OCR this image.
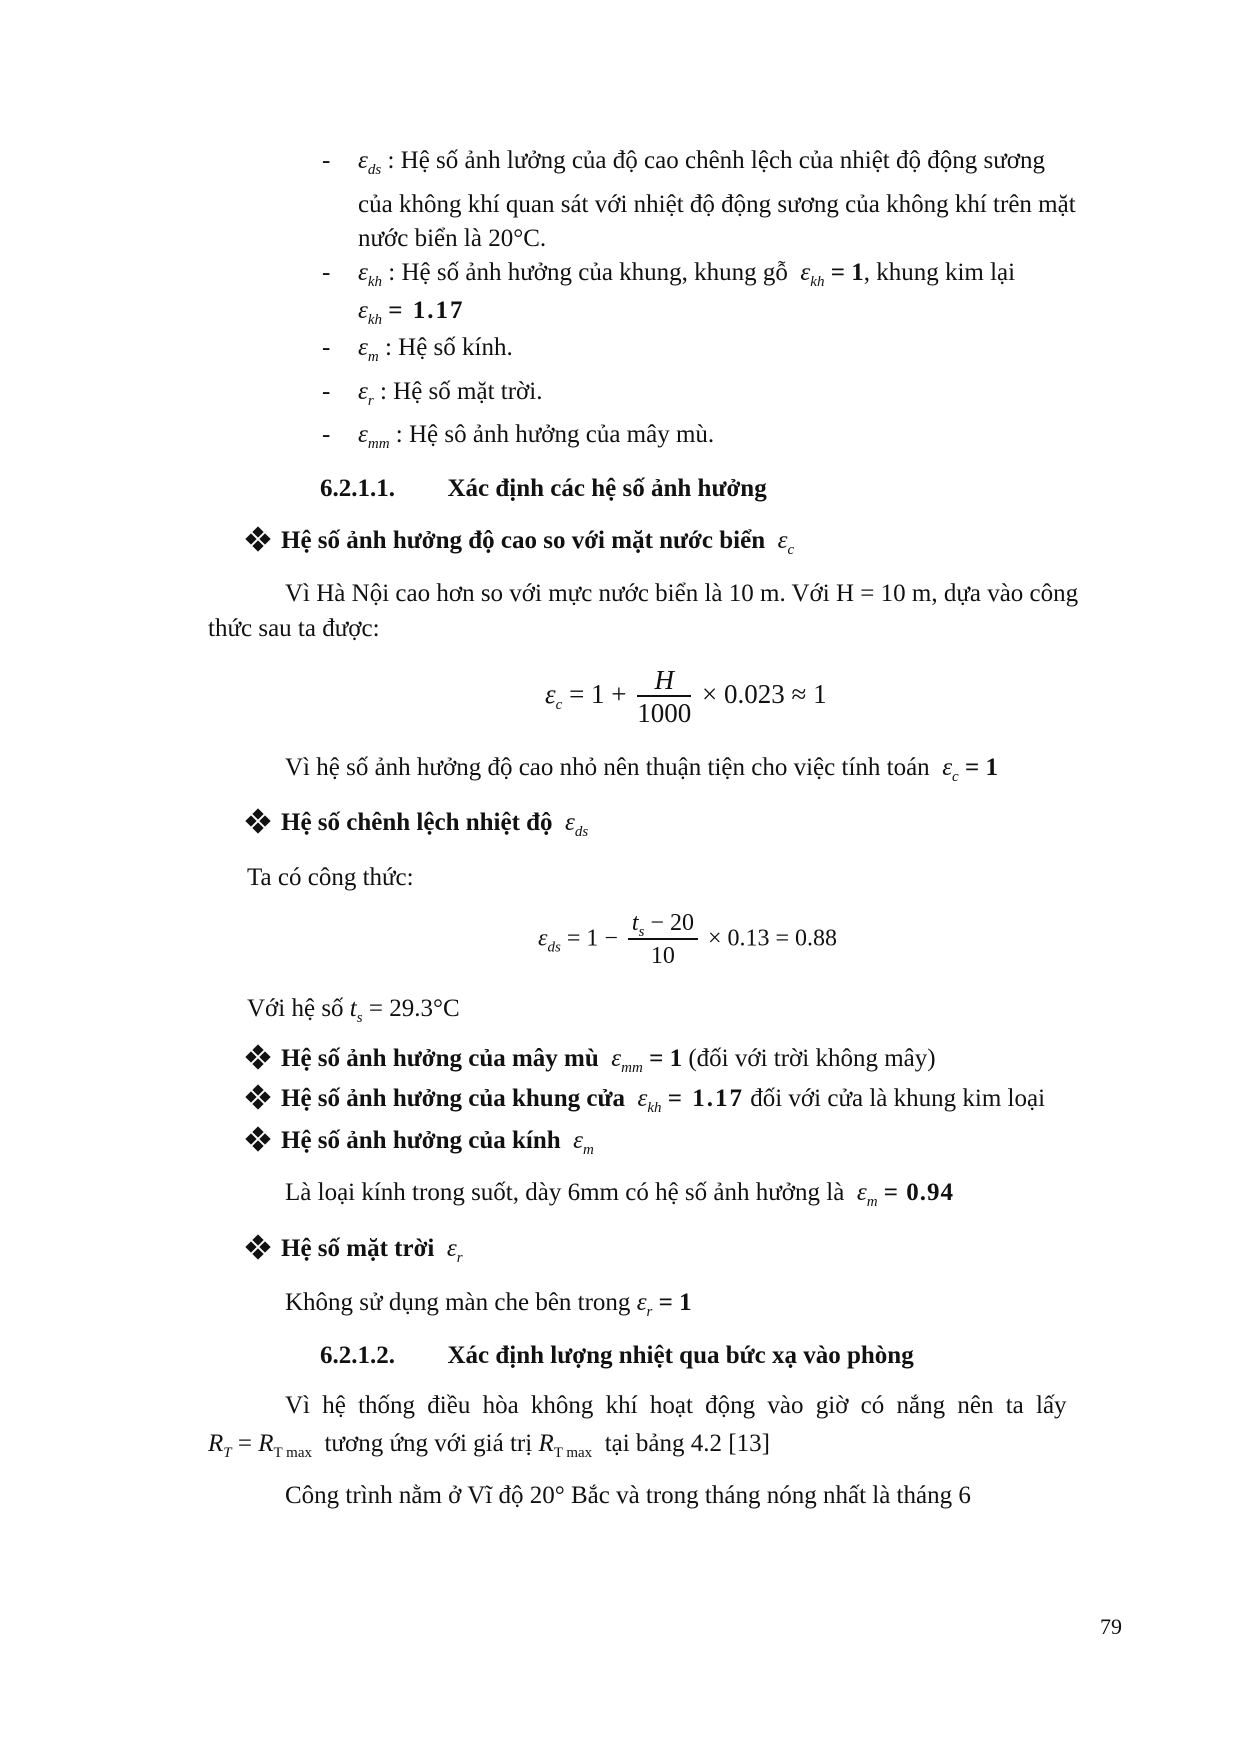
- $\varepsilon_{ds}$ : Hệ số ảnh lưởng của độ cao chênh lệch của nhiệt độ động sương
của không khí quan sát với nhiệt độ động sương của không khí trên mặt
nước biển là 20°C.
- $\varepsilon_{kh}$ : Hệ số ảnh hưởng của khung, khung gỗ $\varepsilon_{kh} = 1$, khung kim lại
$\varepsilon_{kh} = 1.17$
- $\varepsilon_m$ : Hệ số kính.
- $\varepsilon_r$ : Hệ số mặt trời.
- $\varepsilon_{mm}$ : Hệ sô ảnh hưởng của mây mù.
6.2.1.1. Xác định các hệ số ảnh hưởng
Hệ số ảnh hưởng độ cao so với mặt nước biển $\varepsilon_c$
Vì Hà Nội cao hơn so với mực nước biển là 10 m. Với H = 10 m, dựa vào công
thức sau ta được:
$\varepsilon_c = 1 + \frac{H}{1000} \times 0.023 \approx 1$
Vì hệ số ảnh hưởng độ cao nhỏ nên thuận tiện cho việc tính toán $\varepsilon_c = 1$
Hệ số chênh lệch nhiệt độ $\varepsilon_{ds}$
Ta có công thức:
$\varepsilon_{ds} = 1 - \frac{t_s - 20}{10} \times 0.13 = 0.88$
Với hệ số $t_s = 29.3^\circ C$
Hệ số ảnh hưởng của mây mù $\varepsilon_{mm} = 1$ (đối với trời không mây)
Hệ số ảnh hưởng của khung cửa $\varepsilon_{kh} = 1.17$ đối với cửa là khung kim loại
Hệ số ảnh hưởng của kính $\varepsilon_m$
Là loại kính trong suốt, dày 6mm có hệ số ảnh hưởng là $\varepsilon_m = 0.94$
Hệ số mặt trời $\varepsilon_r$
Không sử dụng màn che bên trong $\varepsilon_r = 1$
6.2.1.2. Xác định lượng nhiệt qua bức xạ vào phòng
Vì hệ thống điều hòa không khí hoạt động vào giờ có nắng nên ta lấy
$R_T = R_{T max}$ tương ứng với giá trị $R_{T max}$ tại bảng 4.2 [13]
Công trình nằm ở Vĩ độ 20° Bắc và trong tháng nóng nhất là tháng 6
79
